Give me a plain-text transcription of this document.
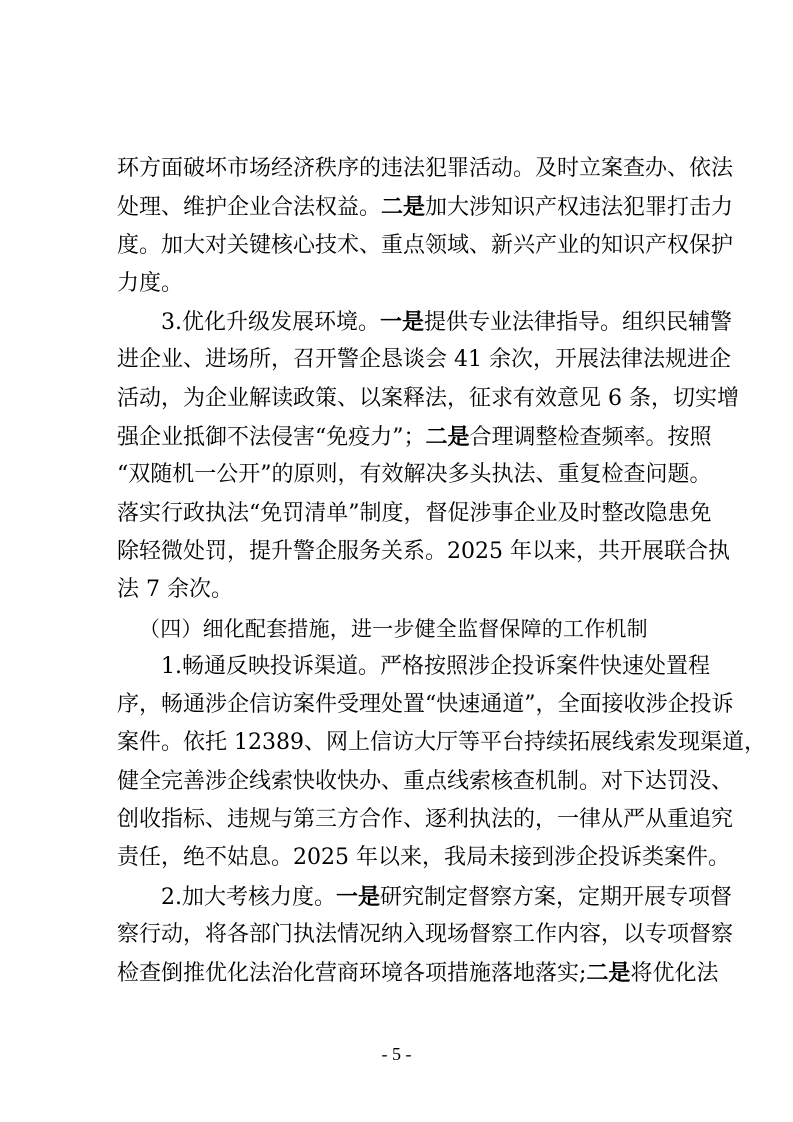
环方面破坏市场经济秩序的违法犯罪活动。及时立案查办、依法
处理、维护企业合法权益。二是加大涉知识产权违法犯罪打击力
度。加大对关键核心技术、重点领域、新兴产业的知识产权保护
力度。
3.优化升级发展环境。一是提供专业法律指导。组织民辅警
进企业、进场所，召开警企恳谈会 41 余次，开展法律法规进企
活动，为企业解读政策、以案释法，征求有效意见 6 条，切实增
强企业抵御不法侵害“免疫力”；二是合理调整检查频率。按照
“双随机一公开”的原则，有效解决多头执法、重复检查问题。
落实行政执法“免罚清单”制度，督促涉事企业及时整改隐患免
除轻微处罚，提升警企服务关系。2025 年以来，共开展联合执
法 7 余次。
（四）细化配套措施，进一步健全监督保障的工作机制
1.畅通反映投诉渠道。严格按照涉企投诉案件快速处置程
序，畅通涉企信访案件受理处置“快速通道”，全面接收涉企投诉
案件。依托 12389、网上信访大厅等平台持续拓展线索发现渠道，
健全完善涉企线索快收快办、重点线索核查机制。对下达罚没、
创收指标、违规与第三方合作、逐利执法的，一律从严从重追究
责任，绝不姑息。2025 年以来，我局未接到涉企投诉类案件。
2.加大考核力度。一是研究制定督察方案，定期开展专项督
察行动，将各部门执法情况纳入现场督察工作内容，以专项督察
检查倒推优化法治化营商环境各项措施落地落实;二是将优化法
- 5 -
